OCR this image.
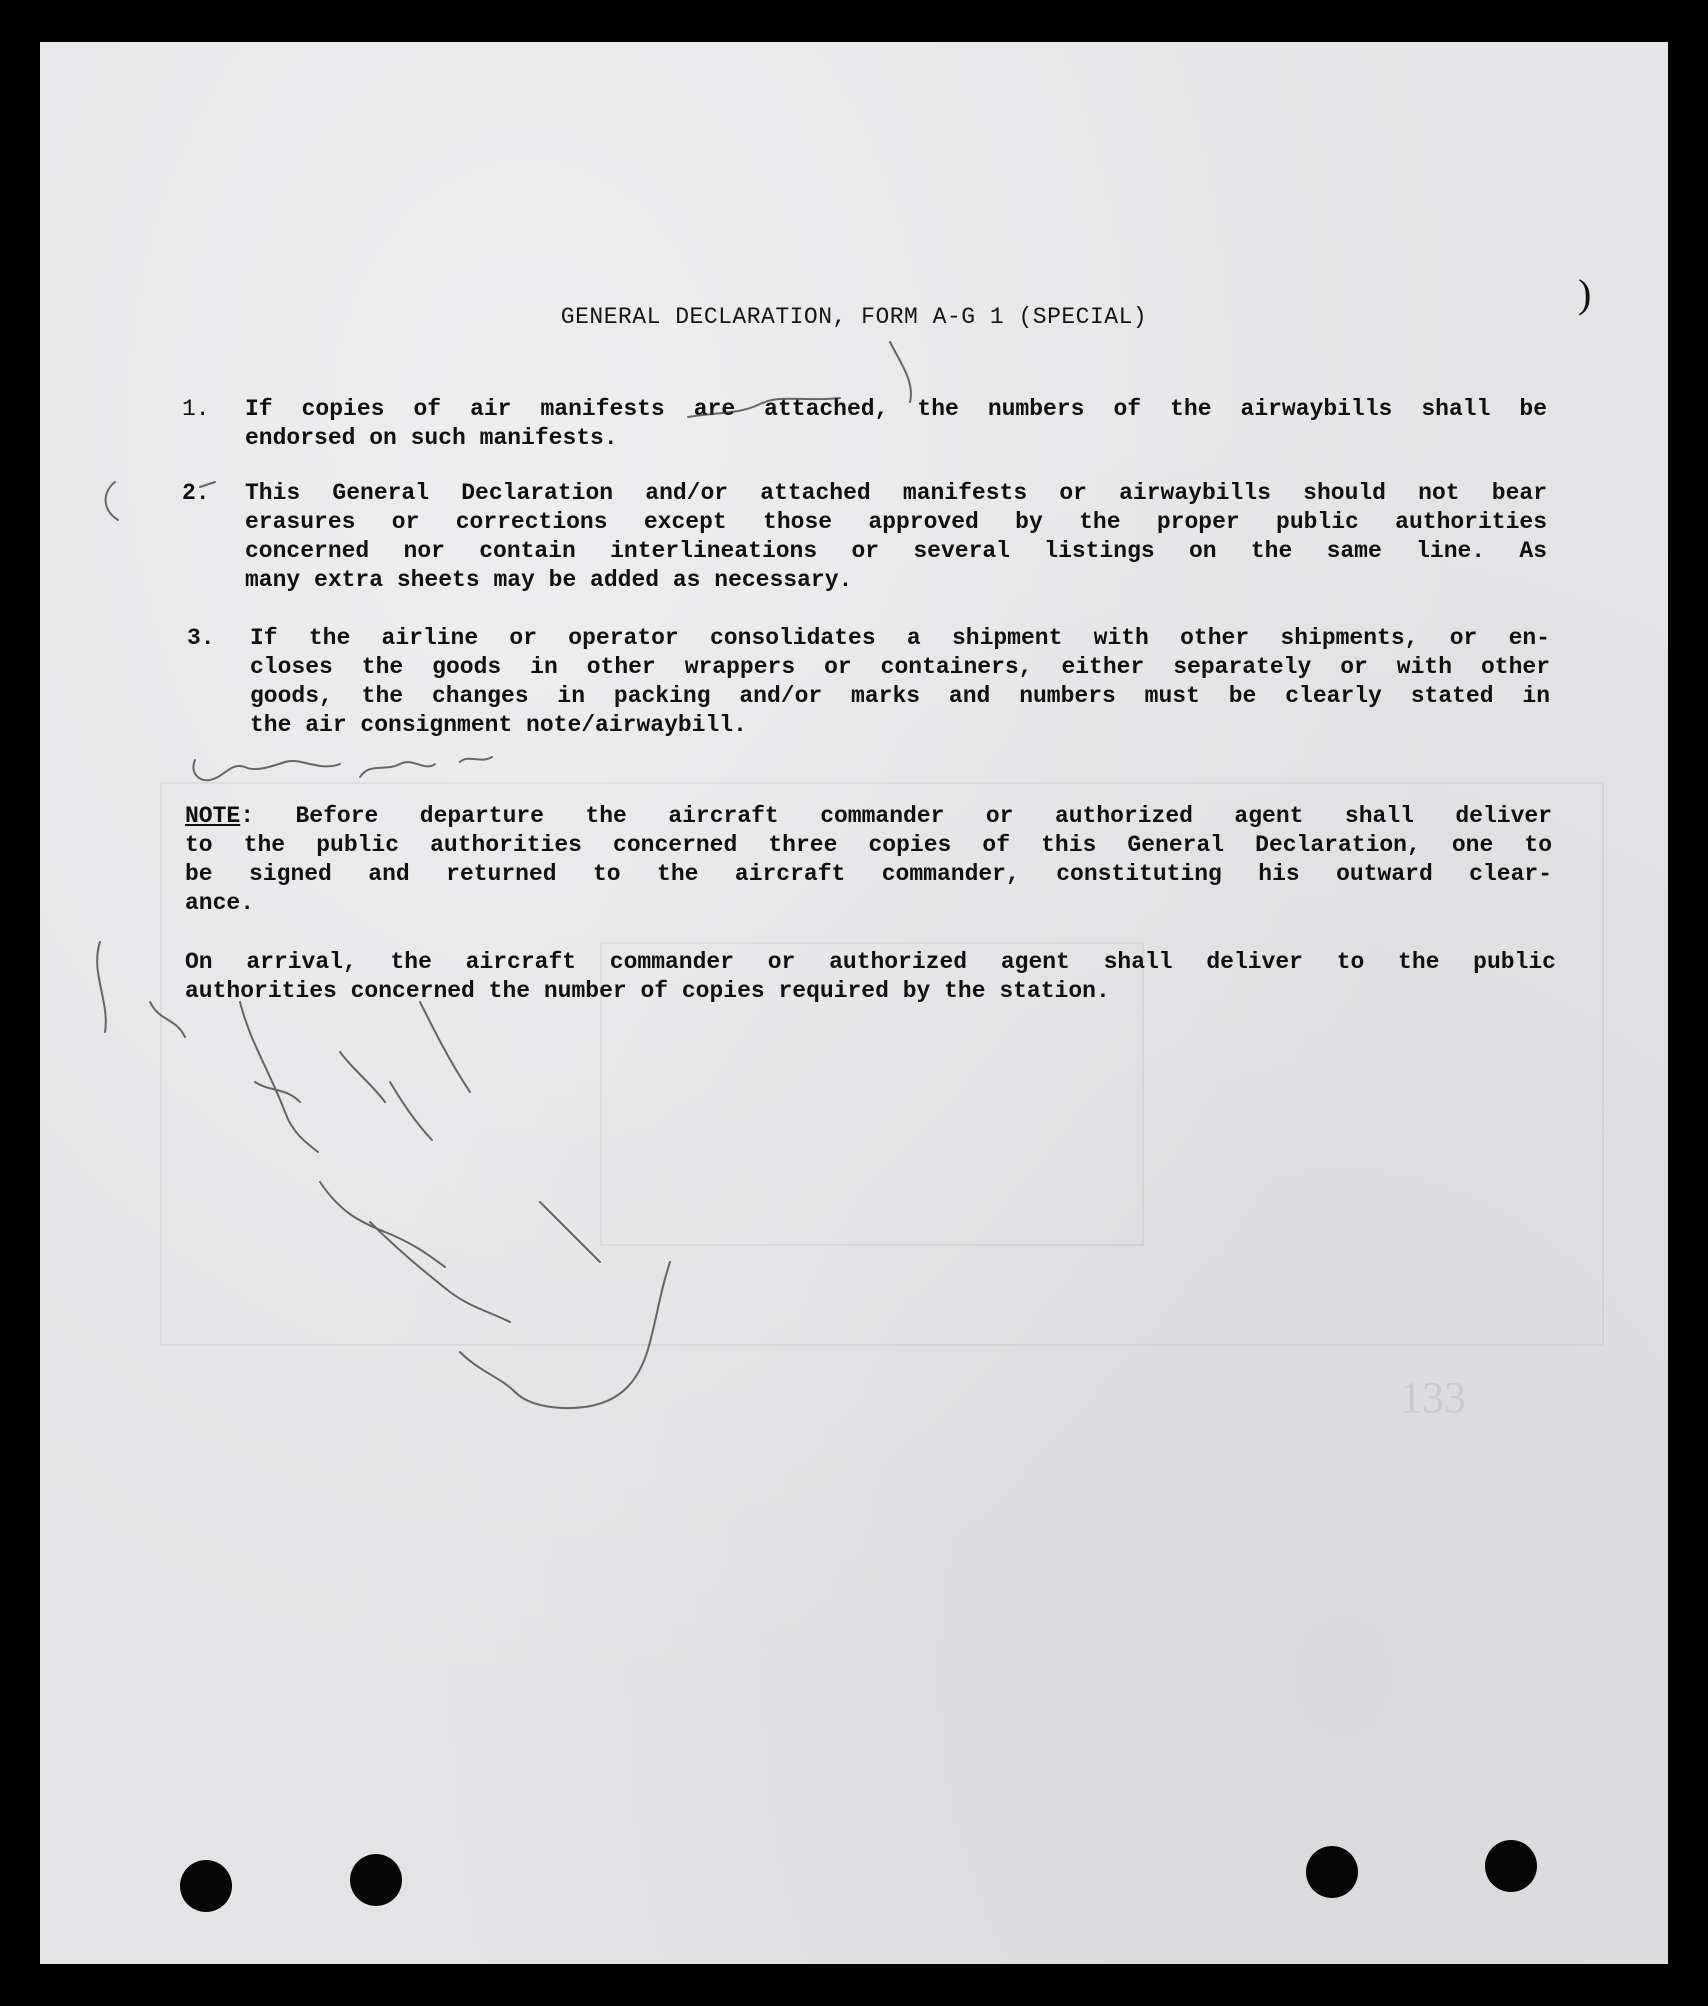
133
GENERAL DECLARATION, FORM A-G 1 (SPECIAL)
1. If copies of air manifests are attached, the numbers of the airwaybills shall be
endorsed on such manifests.
2. This General Declaration and/or attached manifests or airwaybills should not bear
erasures or corrections except those approved by the proper public authorities
concerned nor contain interlineations or several listings on the same line. As
many extra sheets may be added as necessary.
3. If the airline or operator consolidates a shipment with other shipments, or en-
closes the goods in other wrappers or containers, either separately or with other
goods, the changes in packing and/or marks and numbers must be clearly stated in
the air consignment note/airwaybill.
NOTE: Before departure the aircraft commander or authorized agent shall deliver
to the public authorities concerned three copies of this General Declaration, one to
be signed and returned to the aircraft commander, constituting his outward clear-
ance.
On arrival, the aircraft commander or authorized agent shall deliver to the public
authorities concerned the number of copies required by the station.
)
